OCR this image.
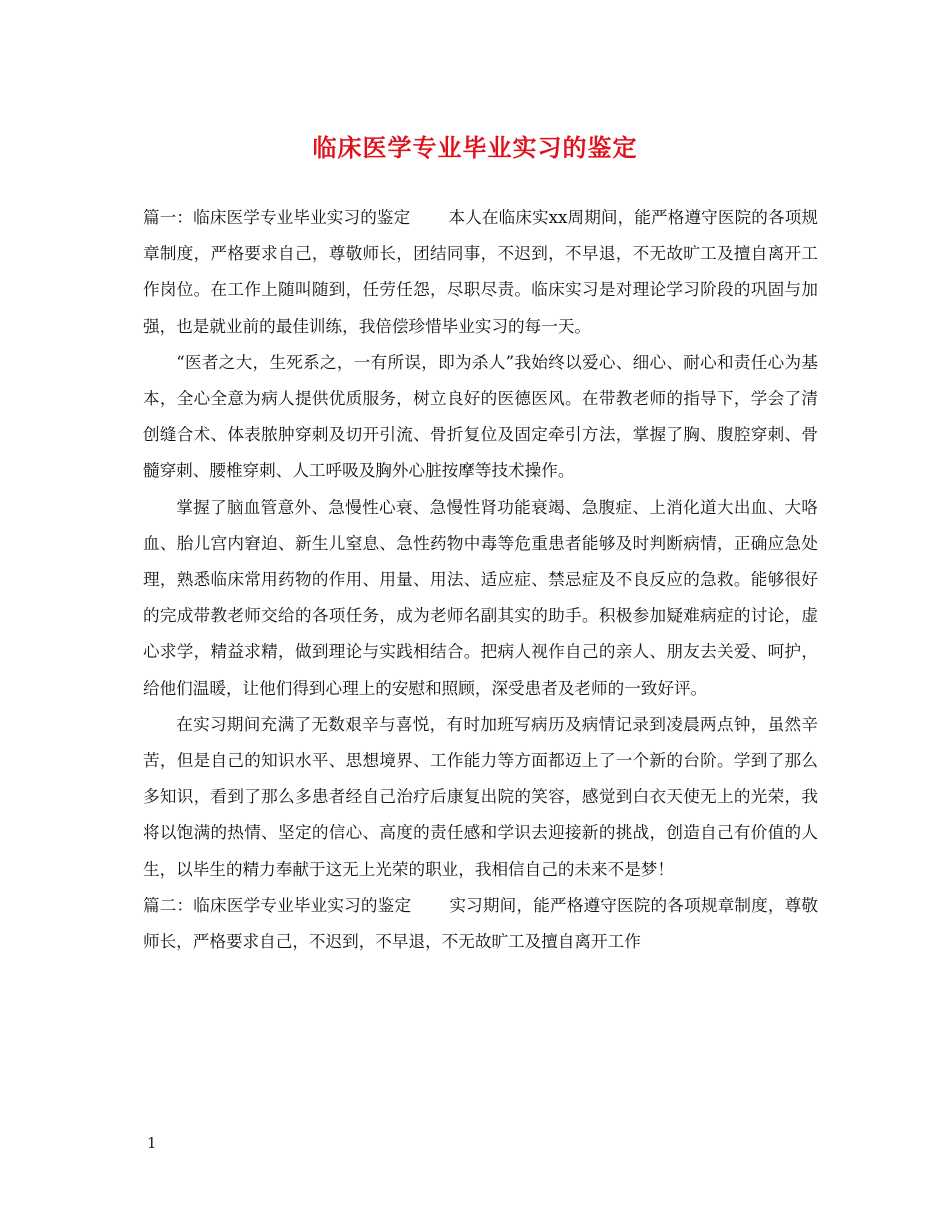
临床医学专业毕业实习的鉴定

篇一：临床医学专业毕业实习的鉴定 本人在临床实xx周期间，能严格遵守医院的各项规章制度，严格要求自己，尊敬师长，团结同事，不迟到，不早退，不无故旷工及擅自离开工作岗位。在工作上随叫随到，任劳任怨，尽职尽责。临床实习是对理论学习阶段的巩固与加强，也是就业前的最佳训练，我倍偿珍惜毕业实习的每一天。

“医者之大，生死系之，一有所误，即为杀人”我始终以爱心、细心、耐心和责任心为基本，全心全意为病人提供优质服务，树立良好的医德医风。在带教老师的指导下，学会了清创缝合术、体表脓肿穿刺及切开引流、骨折复位及固定牵引方法，掌握了胸、腹腔穿刺、骨髓穿刺、腰椎穿刺、人工呼吸及胸外心脏按摩等技术操作。

掌握了脑血管意外、急慢性心衰、急慢性肾功能衰竭、急腹症、上消化道大出血、大咯血、胎儿宫内窘迫、新生儿窒息、急性药物中毒等危重患者能够及时判断病情，正确应急处理，熟悉临床常用药物的作用、用量、用法、适应症、禁忌症及不良反应的急救。能够很好的完成带教老师交给的各项任务，成为老师名副其实的助手。积极参加疑难病症的讨论，虚心求学，精益求精，做到理论与实践相结合。把病人视作自己的亲人、朋友去关爱、呵护，给他们温暖，让他们得到心理上的安慰和照顾，深受患者及老师的一致好评。

在实习期间充满了无数艰辛与喜悦，有时加班写病历及病情记录到凌晨两点钟，虽然辛苦，但是自己的知识水平、思想境界、工作能力等方面都迈上了一个新的台阶。学到了那么多知识，看到了那么多患者经自己治疗后康复出院的笑容，感觉到白衣天使无上的光荣，我将以饱满的热情、坚定的信心、高度的责任感和学识去迎接新的挑战，创造自己有价值的人生，以毕生的精力奉献于这无上光荣的职业，我相信自己的未来不是梦！

篇二：临床医学专业毕业实习的鉴定 实习期间，能严格遵守医院的各项规章制度，尊敬师长，严格要求自己，不迟到，不早退，不无故旷工及擅自离开工作

1
